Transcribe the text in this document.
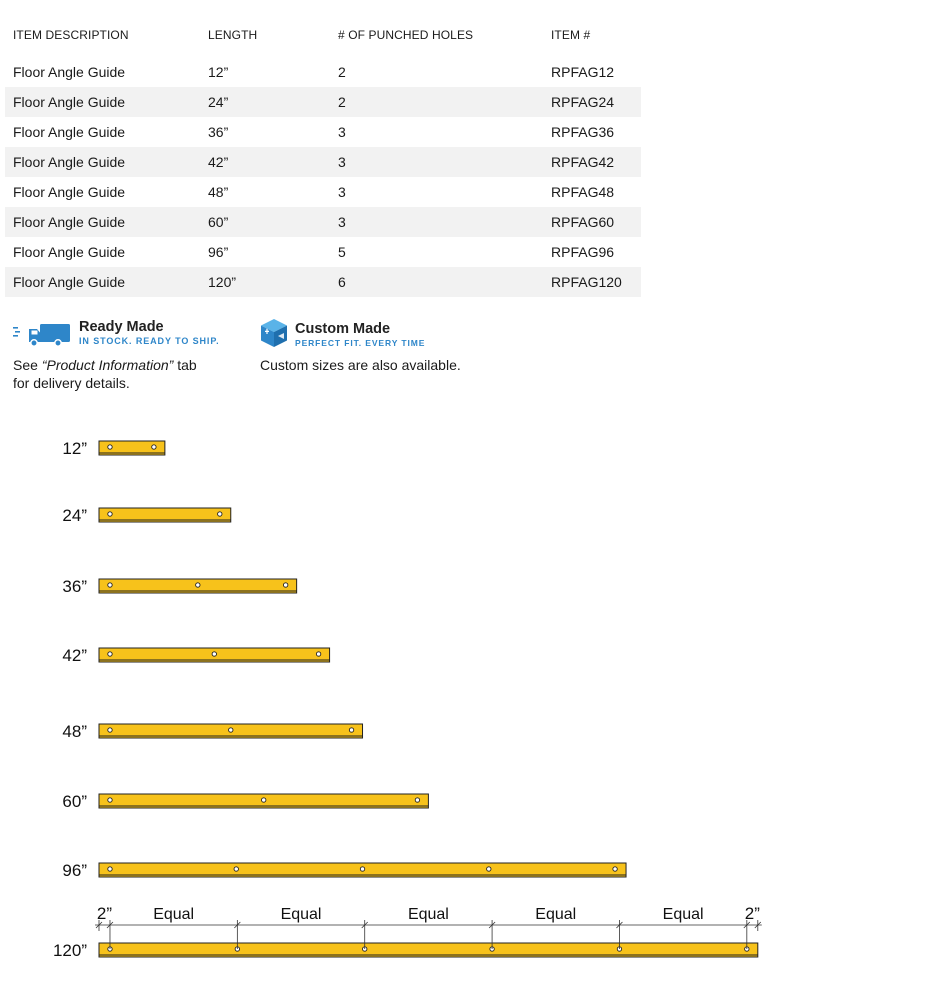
ITEM DESCRIPTION	LENGTH	# OF PUNCHED HOLES	ITEM #

Floor Angle Guide	12”	2	RPFAG12
Floor Angle Guide	24”	2	RPFAG24
Floor Angle Guide	36”	3	RPFAG36
Floor Angle Guide	42”	3	RPFAG42
Floor Angle Guide	48”	3	RPFAG48
Floor Angle Guide	60”	3	RPFAG60
Floor Angle Guide	96”	5	RPFAG96
Floor Angle Guide	120”	6	RPFAG120
Ready Made
IN STOCK. READY TO SHIP.
See “Product Information” tab
for delivery details.
Custom Made
PERFECT FIT. EVERY TIME
Custom sizes are also available.
12”
24”
36”
42”
48”
60”
96”
120”
2”	Equal	Equal	Equal	Equal	Equal 2”
